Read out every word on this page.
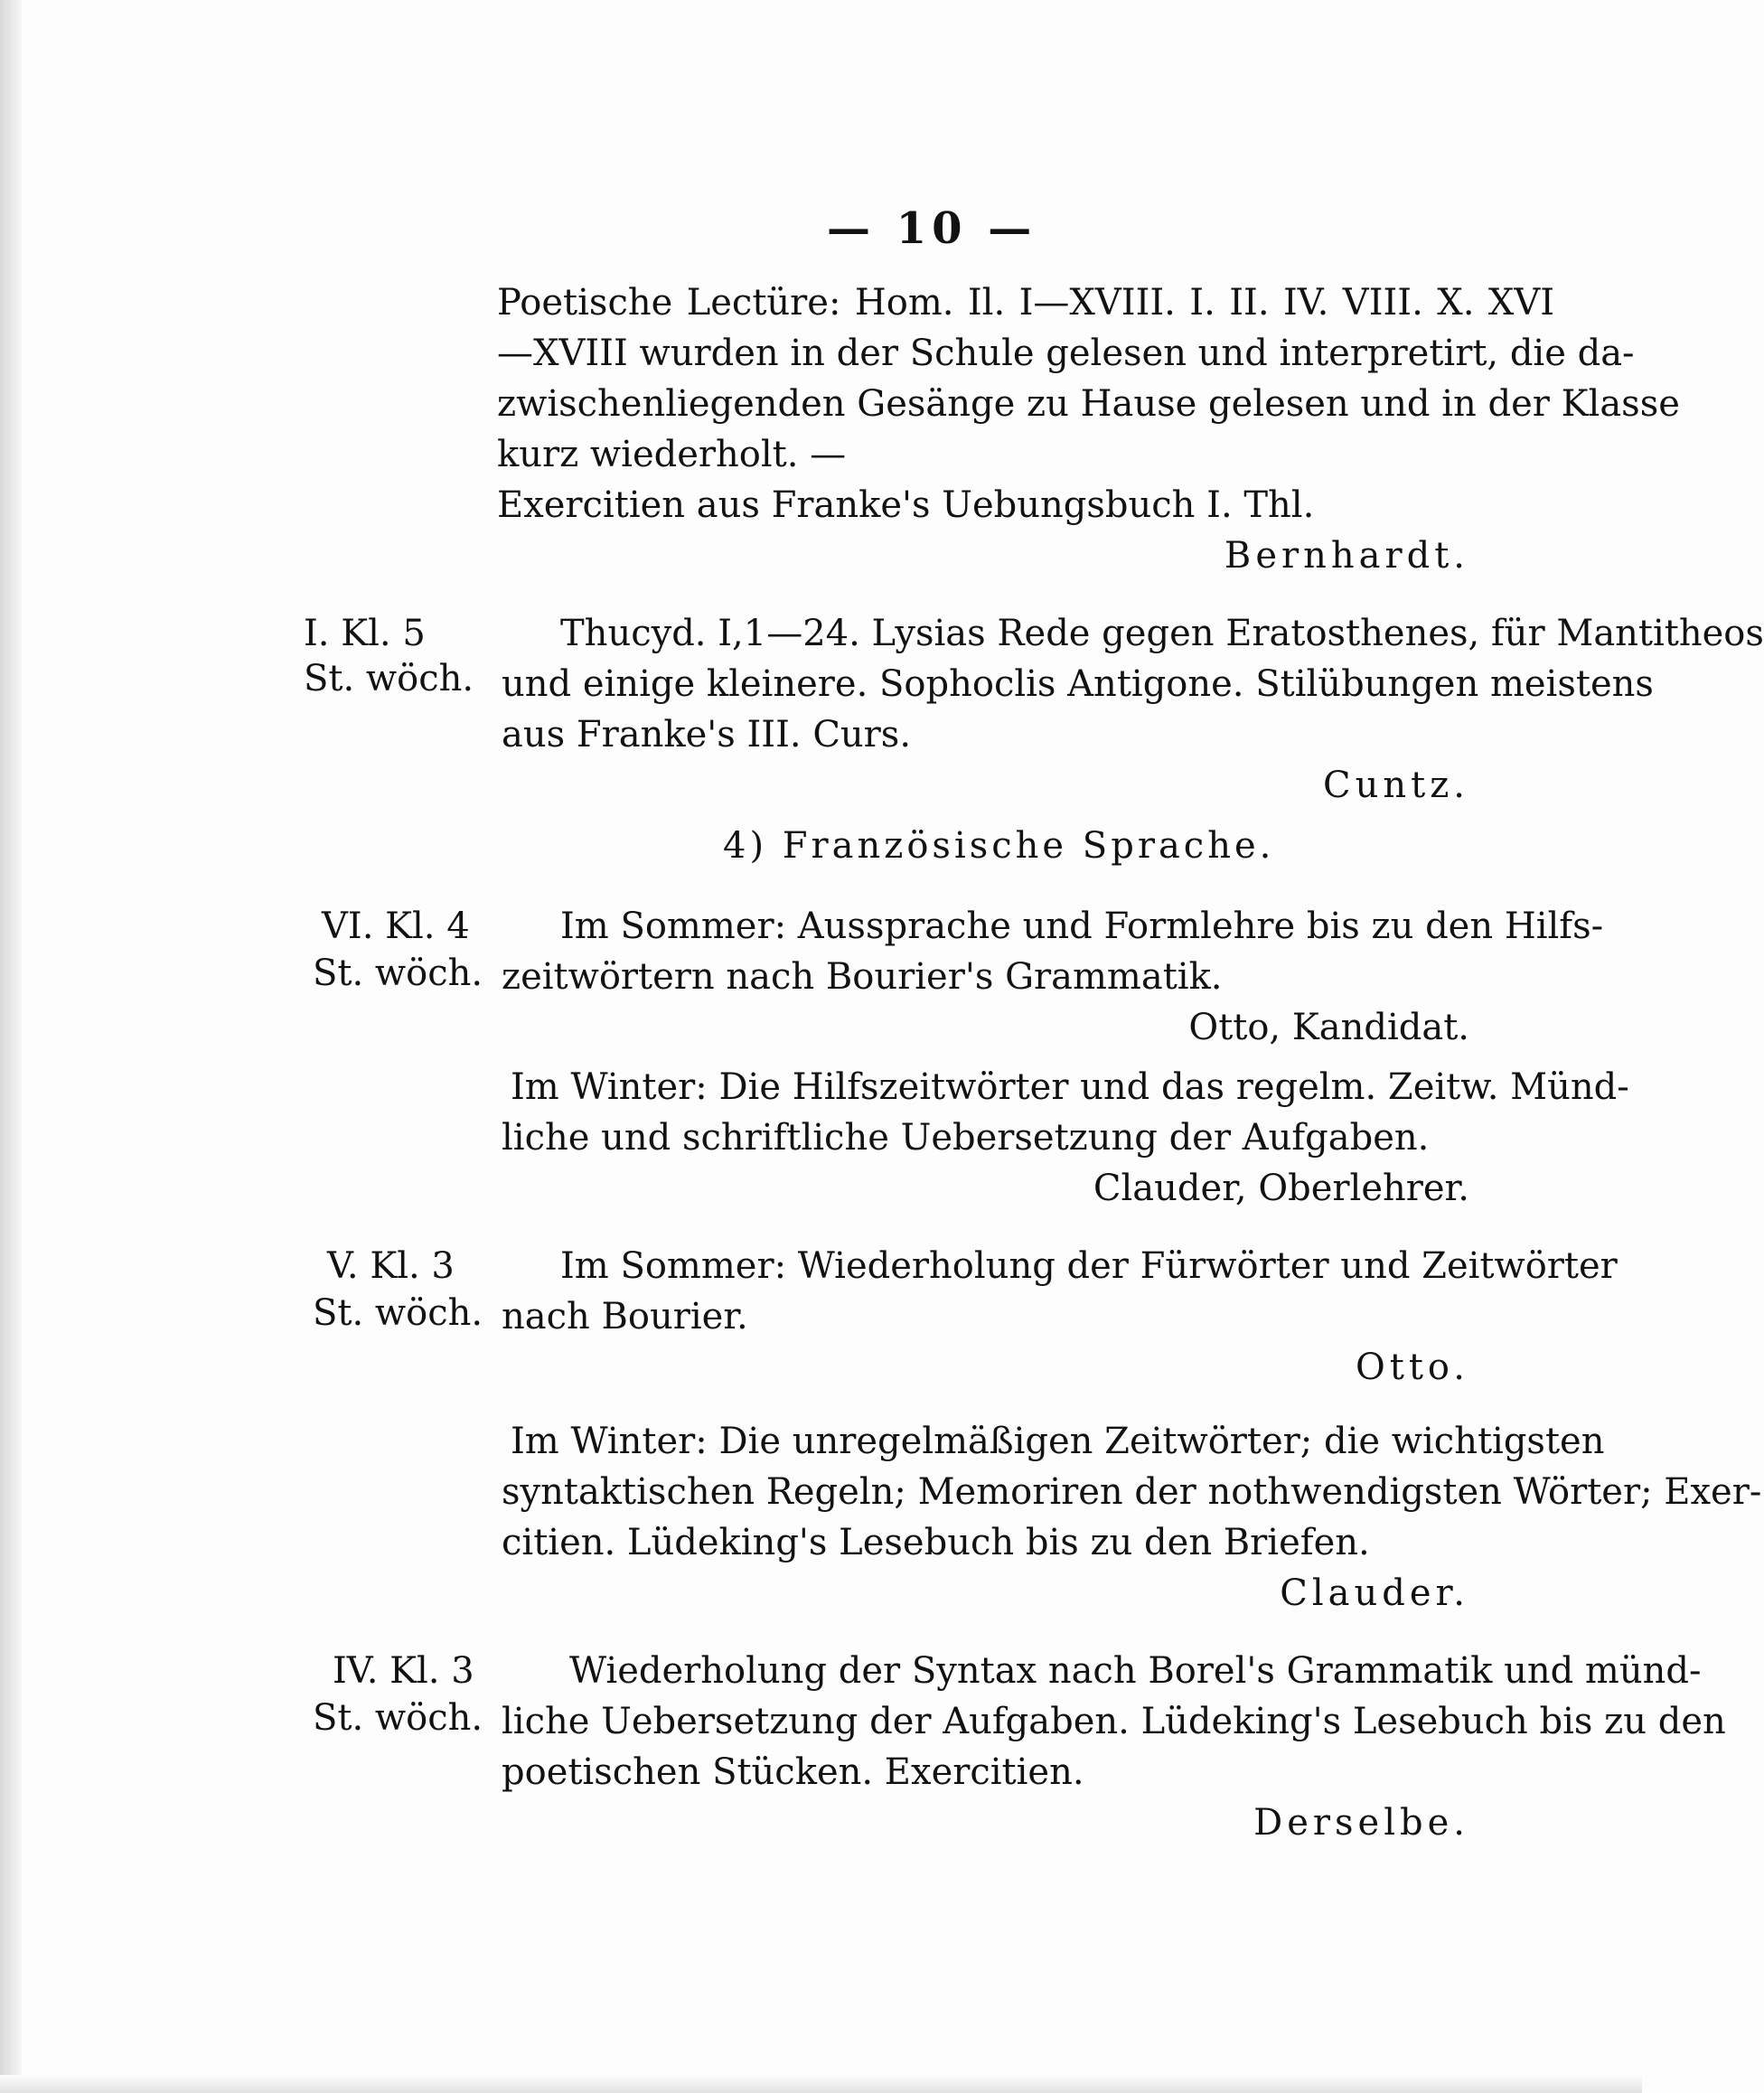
— 10 —
Poetische Lectüre: Hom. Il. I—XVIII. I. II. IV. VIII. X. XVI
—XVIII wurden in der Schule gelesen und interpretirt, die da-
zwischenliegenden Gesänge zu Hause gelesen und in der Klasse
kurz wiederholt. —
Exercitien aus Franke's Uebungsbuch I. Thl.
Bernhardt.
I. Kl. 5
St. wöch.
Thucyd. I,1—24. Lysias Rede gegen Eratosthenes, für Mantitheos
und einige kleinere. Sophoclis Antigone. Stilübungen meistens
aus Franke's III. Curs.
Cuntz.
4) Französische Sprache.
VI. Kl. 4
St. wöch.
Im Sommer: Aussprache und Formlehre bis zu den Hilfs-
zeitwörtern nach Bourier's Grammatik.
Otto, Kandidat.
Im Winter: Die Hilfszeitwörter und das regelm. Zeitw. Münd-
liche und schriftliche Uebersetzung der Aufgaben.
Clauder, Oberlehrer.
V. Kl. 3
St. wöch.
Im Sommer: Wiederholung der Fürwörter und Zeitwörter
nach Bourier.
Otto.
Im Winter: Die unregelmäßigen Zeitwörter; die wichtigsten
syntaktischen Regeln; Memoriren der nothwendigsten Wörter; Exer-
citien. Lüdeking's Lesebuch bis zu den Briefen.
Clauder.
IV. Kl. 3
St. wöch.
Wiederholung der Syntax nach Borel's Grammatik und münd-
liche Uebersetzung der Aufgaben. Lüdeking's Lesebuch bis zu den
poetischen Stücken. Exercitien.
Derselbe.
